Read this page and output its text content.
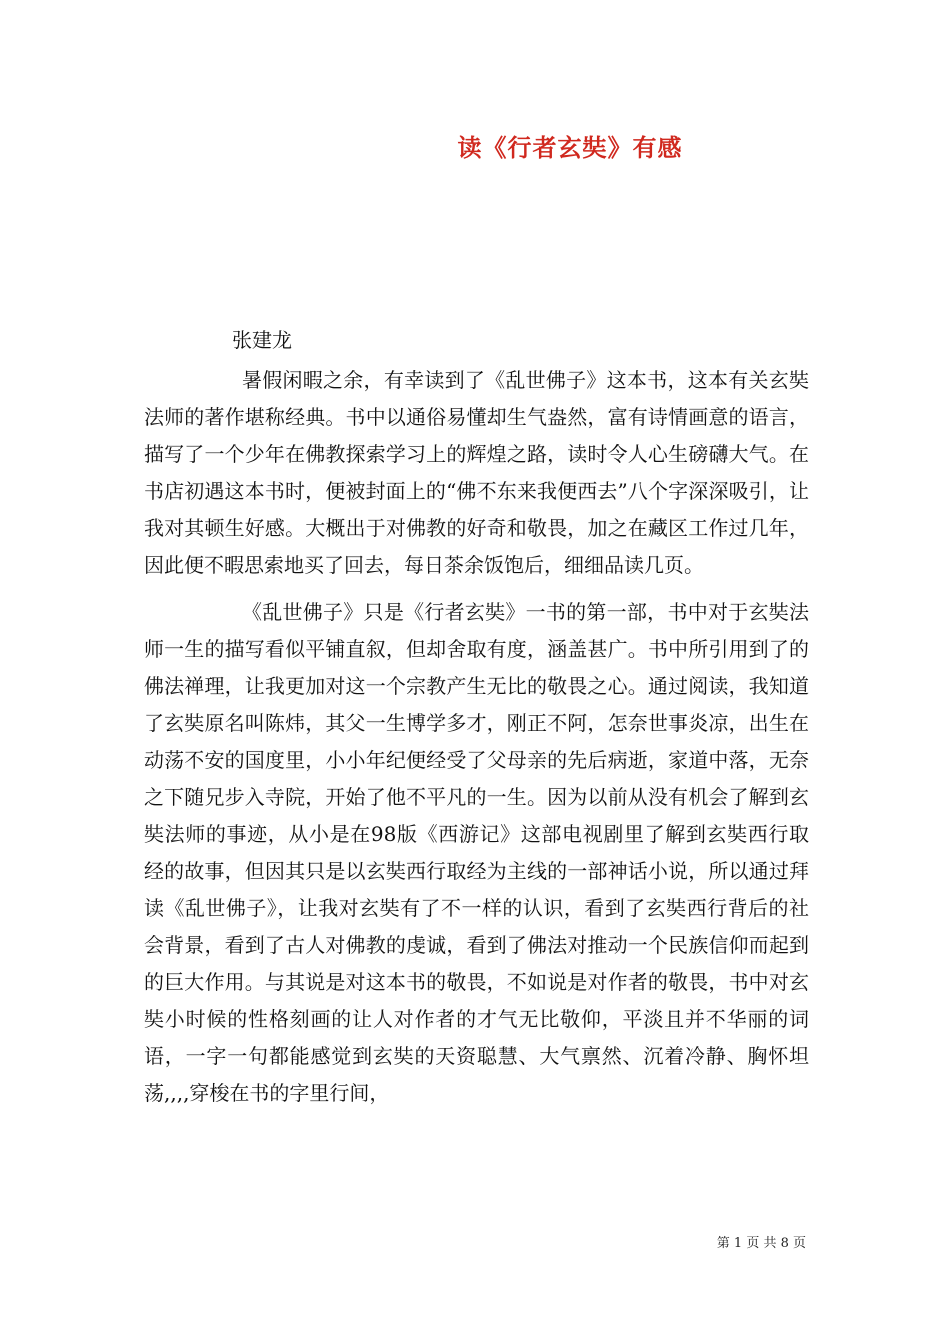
读《行者玄奘》有感
张建龙

暑假闲暇之余，有幸读到了《乱世佛子》这本书，这本有关玄奘法师的著作堪称经典。书中以通俗易懂却生气盎然，富有诗情画意的语言，描写了一个少年在佛教探索学习上的辉煌之路，读时令人心生磅礴大气。在书店初遇这本书时，便被封面上的“佛不东来我便西去”八个字深深吸引，让我对其顿生好感。大概出于对佛教的好奇和敬畏，加之在藏区工作过几年，因此便不暇思索地买了回去，每日茶余饭饱后，细细品读几页。

《乱世佛子》只是《行者玄奘》一书的第一部，书中对于玄奘法师一生的描写看似平铺直叙，但却舍取有度，涵盖甚广。书中所引用到了的佛法禅理，让我更加对这一个宗教产生无比的敬畏之心。通过阅读，我知道了玄奘原名叫陈炜，其父一生博学多才，刚正不阿，怎奈世事炎凉，出生在动荡不安的国度里，小小年纪便经受了父母亲的先后病逝，家道中落，无奈之下随兄步入寺院，开始了他不平凡的一生。因为以前从没有机会了解到玄奘法师的事迹，从小是在98版《西游记》这部电视剧里了解到玄奘西行取经的故事，但因其只是以玄奘西行取经为主线的一部神话小说，所以通过拜读《乱世佛子》，让我对玄奘有了不一样的认识，看到了玄奘西行背后的社会背景，看到了古人对佛教的虔诚，看到了佛法对推动一个民族信仰而起到的巨大作用。与其说是对这本书的敬畏，不如说是对作者的敬畏，书中对玄奘小时候的性格刻画的让人对作者的才气无比敬仰，平淡且并不华丽的词语，一字一句都能感觉到玄奘的天资聪慧、大气禀然、沉着冷静、胸怀坦荡,,,,穿梭在书的字里行间，

第 1 页 共 8 页
